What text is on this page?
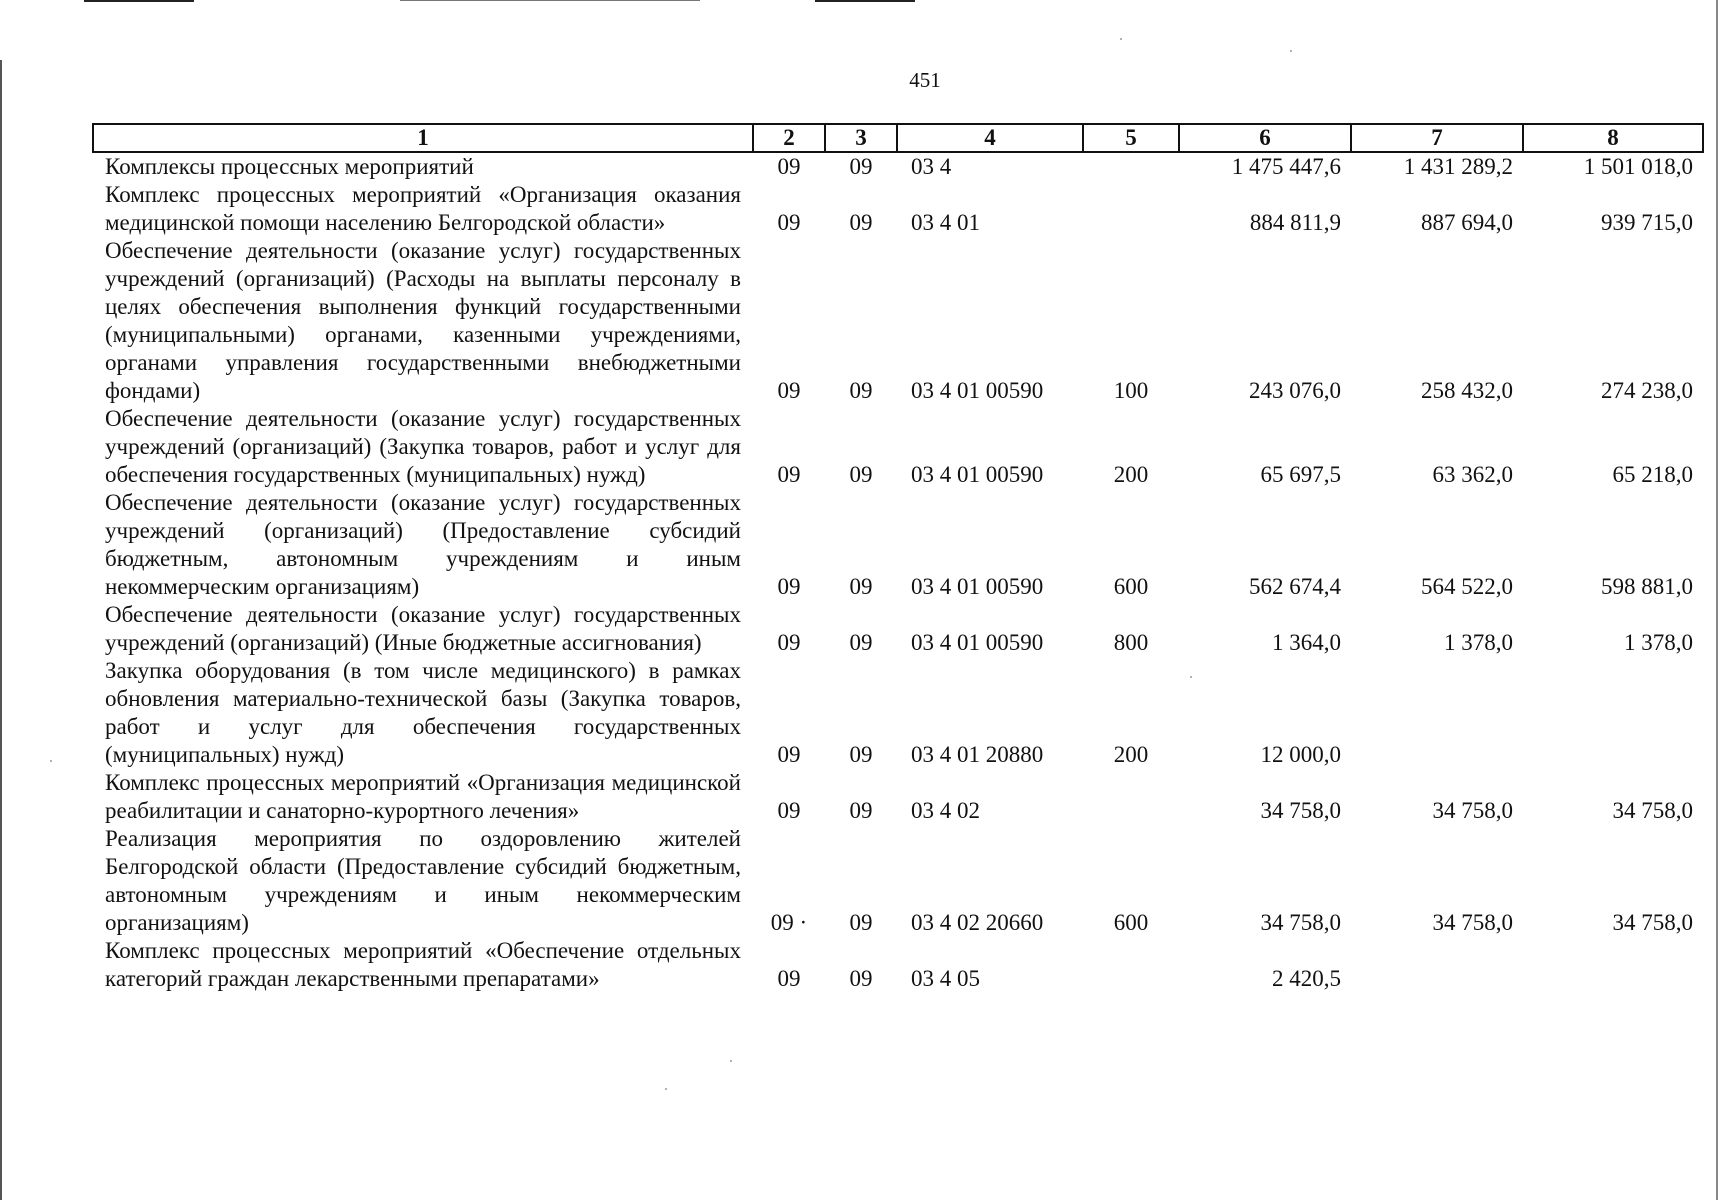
451
1	2	3	4	5	6	7	8
Комплексы процессных мероприятий	09	09	03 4		1 475 447,6	1 431 289,2	1 501 018,0
Комплекс процессных мероприятий «Организация оказания медицинской помощи населению Белгородской области»	09	09	03 4 01		884 811,9	887 694,0	939 715,0
Обеспечение деятельности (оказание услуг) государственных учреждений (организаций) (Расходы на выплаты персоналу в целях обеспечения выполнения функций государственными (муниципальными) органами, казенными учреждениями, органами управления государственными внебюджетными фондами)	09	09	03 4 01 00590	100	243 076,0	258 432,0	274 238,0
Обеспечение деятельности (оказание услуг) государственных учреждений (организаций) (Закупка товаров, работ и услуг для обеспечения государственных (муниципальных) нужд)	09	09	03 4 01 00590	200	65 697,5	63 362,0	65 218,0
Обеспечение деятельности (оказание услуг) государственных учреждений (организаций) (Предоставление субсидий бюджетным, автономным учреждениям и иным некоммерческим организациям)	09	09	03 4 01 00590	600	562 674,4	564 522,0	598 881,0
Обеспечение деятельности (оказание услуг) государственных учреждений (организаций) (Иные бюджетные ассигнования)	09	09	03 4 01 00590	800	1 364,0	1 378,0	1 378,0
Закупка оборудования (в том числе медицинского) в рамках обновления материально-технической базы (Закупка товаров, работ и услуг для обеспечения государственных (муниципальных) нужд)	09	09	03 4 01 20880	200	12 000,0		
Комплекс процессных мероприятий «Организация медицинской реабилитации и санаторно-курортного лечения»	09	09	03 4 02		34 758,0	34 758,0	34 758,0
Реализация мероприятия по оздоровлению жителей Белгородской области (Предоставление субсидий бюджетным, автономным учреждениям и иным некоммерческим организациям)	09 ·	09	03 4 02 20660	600	34 758,0	34 758,0	34 758,0
Комплекс процессных мероприятий «Обеспечение отдельных категорий граждан лекарственными препаратами»	09	09	03 4 05		2 420,5		
